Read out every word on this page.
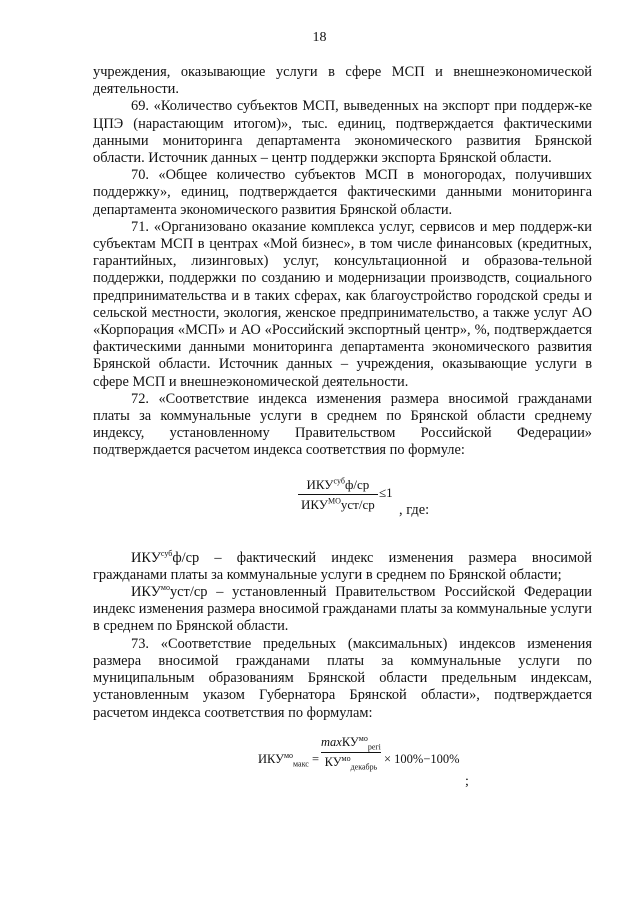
18

учреждения, оказывающие услуги в сфере МСП и внешнеэкономической деятельности.

69. «Количество субъектов МСП, выведенных на экспорт при поддерж-ке ЦПЭ (нарастающим итогом)», тыс. единиц, подтверждается фактическими данными мониторинга департамента экономического развития Брянской области. Источник данных – центр поддержки экспорта Брянской области.

70. «Общее количество субъектов МСП в моногородах, получивших поддержку», единиц, подтверждается фактическими данными мониторинга департамента экономического развития Брянской области.

71. «Организовано оказание комплекса услуг, сервисов и мер поддерж-ки субъектам МСП в центрах «Мой бизнес», в том числе финансовых (кредитных, гарантийных, лизинговых) услуг, консультационной и образова-тельной поддержки, поддержки по созданию и модернизации производств, социального предпринимательства и в таких сферах, как благоустройство городской среды и сельской местности, экология, женское предпринимательство, а также услуг АО «Корпорация «МСП» и АО «Российский экспортный центр», %, подтверждается фактическими данными мониторинга департамента экономического развития Брянской области. Источник данных – учреждения, оказывающие услуги в сфере МСП и внешнеэкономической деятельности.

72. «Соответствие индекса изменения размера вносимой гражданами платы за коммунальные услуги в среднем по Брянской области среднему индексу, установленному Правительством Российской Федерации» подтверждается расчетом индекса соответствия по формуле:

$ИКУ^{суб}ф/ср$
$ИКУ^{МО}уст/ср$
≤1
, где:

$ИКУ^{суб}ф/ср$ – фактический индекс изменения размера вносимой гражданами платы за коммунальные услуги в среднем по Брянской области;

$ИКУ^{мо}уст/ср$ – установленный Правительством Российской Федерации индекс изменения размера вносимой гражданами платы за коммунальные услуги в среднем по Брянской области.

73. «Соответствие предельных (максимальных) индексов изменения размера вносимой гражданами платы за коммунальные услуги по муниципальным образованиям Брянской области предельным индексам, установленным указом Губернатора Брянской области», подтверждается расчетом индекса соответствия по формулам:

$ИКУ^{мо}_{макс}$ =
maxКУ$^{мо}_{регі}$
$КУ^{мо}_{декабрь}$
× 100%−100%
;
